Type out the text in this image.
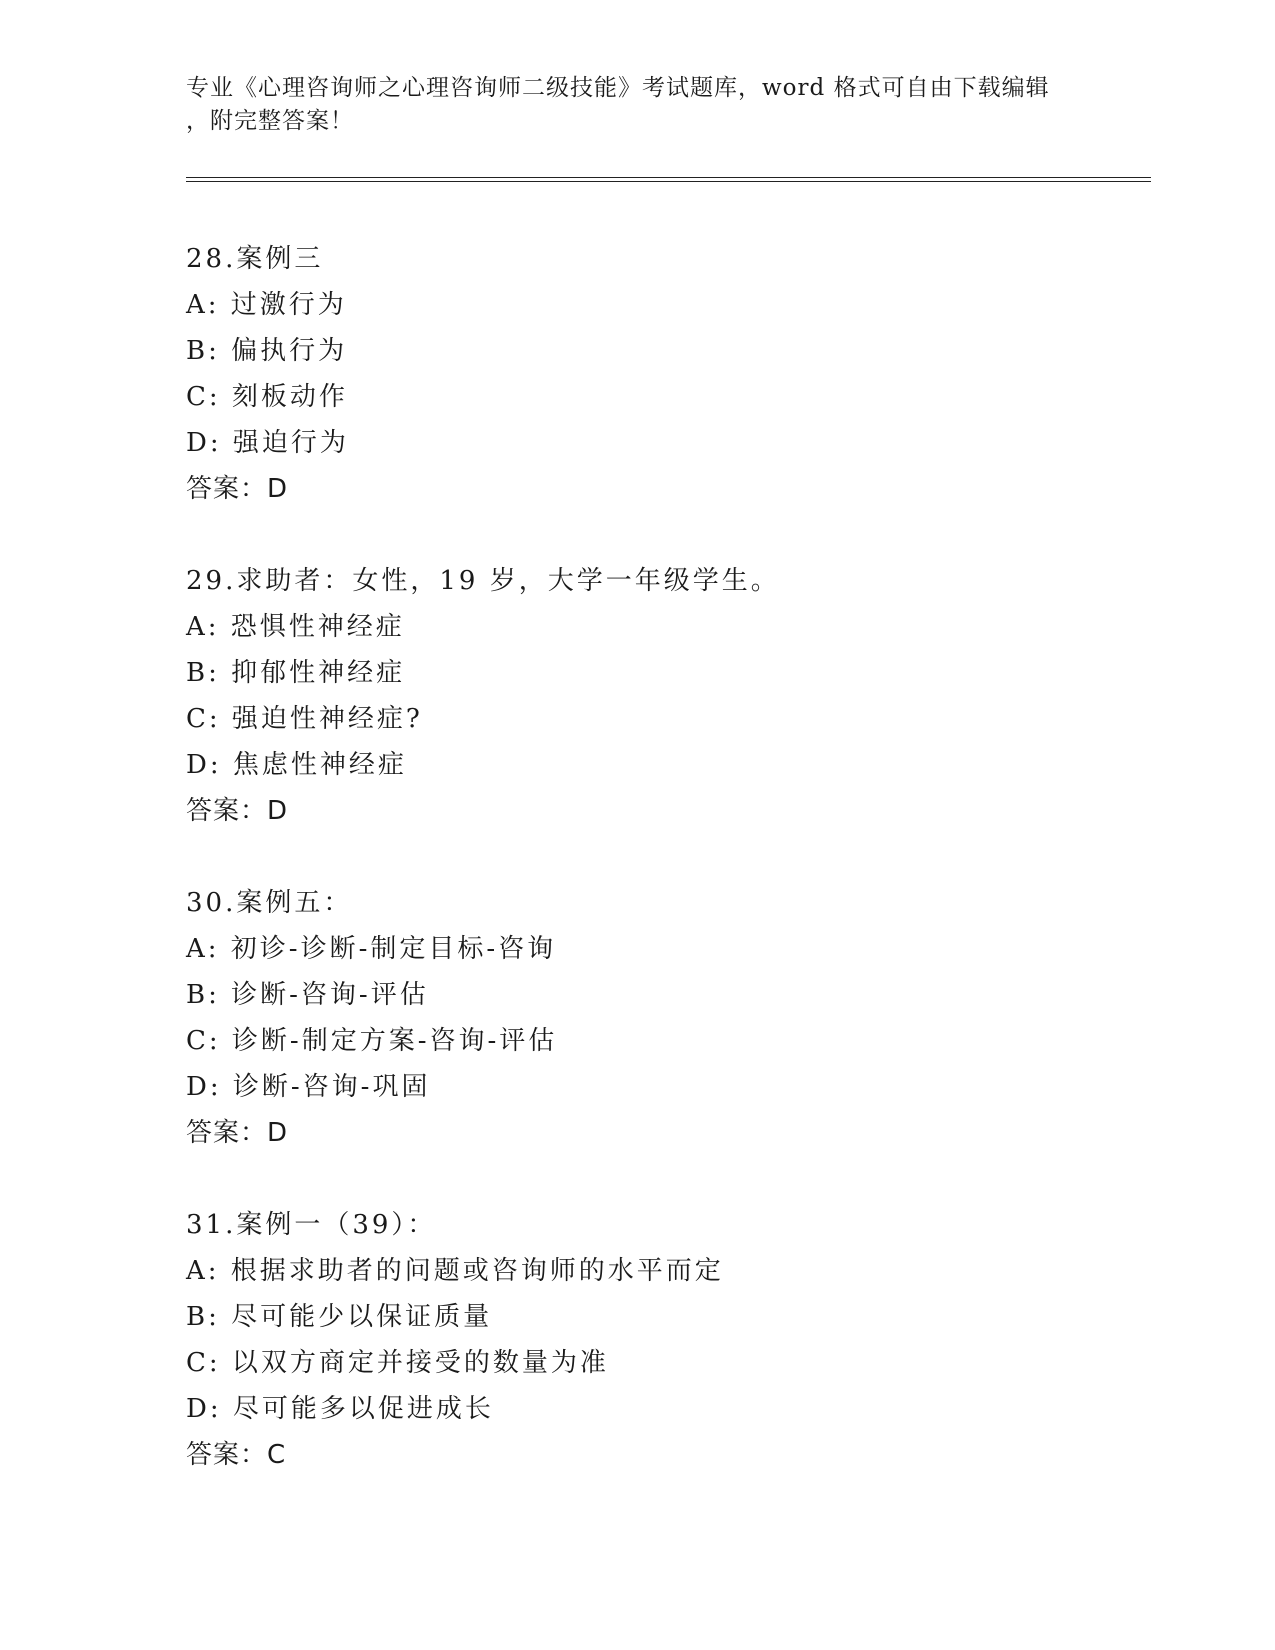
专业《心理咨询师之心理咨询师二级技能》考试题库，word 格式可自由下载编辑
，附完整答案！
28.案例三
A: 过激行为
B: 偏执行为
C: 刻板动作
D: 强迫行为
答案：D
29.求助者：女性，19 岁，大学一年级学生。
A: 恐惧性神经症
B: 抑郁性神经症
C: 强迫性神经症?
D: 焦虑性神经症
答案：D
30.案例五：
A: 初诊-诊断-制定目标-咨询
B: 诊断-咨询-评估
C: 诊断-制定方案-咨询-评估
D: 诊断-咨询-巩固
答案：D
31.案例一（39）：
A: 根据求助者的问题或咨询师的水平而定
B: 尽可能少以保证质量
C: 以双方商定并接受的数量为准
D: 尽可能多以促进成长
答案：C
